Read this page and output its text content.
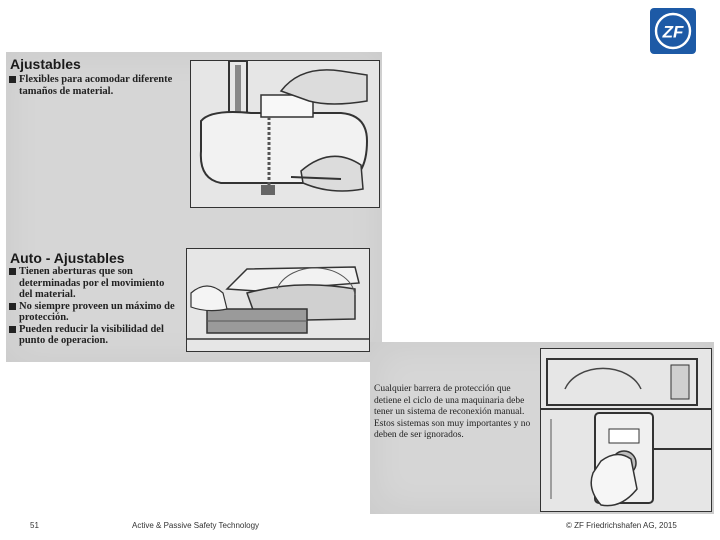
ZF
Ajustables
Flexibles para acomodar diferente tamaños de material.
Auto - Ajustables
Tienen aberturas que son determinadas por el movimiento del material.
No siempre proveen un máximo de protección.
Pueden reducir la visibilidad del punto de operacion.

Cualquier barrera de protección que detiene el ciclo de una maquinaria debe tener un sistema de reconexión manual. Estos sistemas son muy importantes y no deben de ser ignorados.

51	Active & Passive Safety Technology	© ZF Friedrichshafen AG, 2015
